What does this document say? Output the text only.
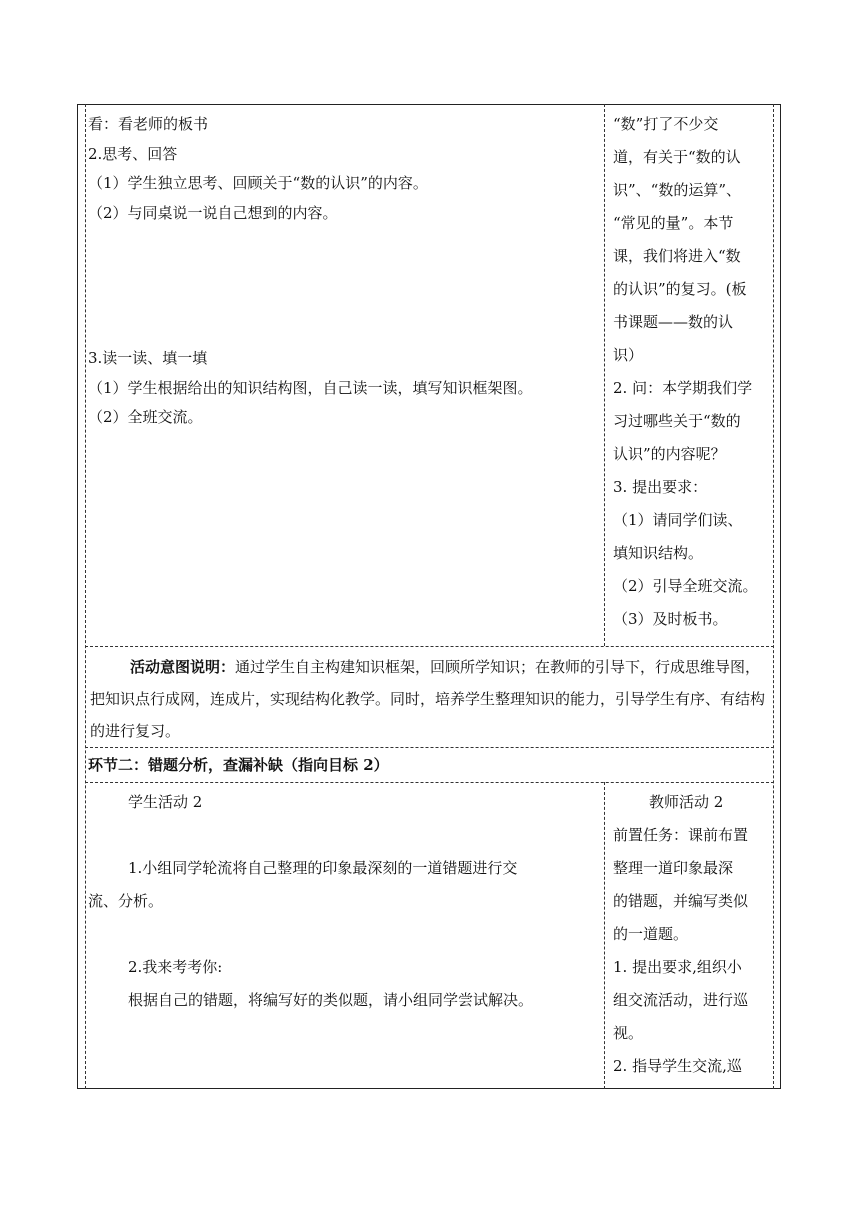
看：看老师的板书
2.思考、回答
（1）学生独立思考、回顾关于“数的认识”的内容。
（2）与同桌说一说自己想到的内容。
3.读一读、填一填
（1）学生根据给出的知识结构图，自己读一读，填写知识框架图。
（2）全班交流。
“数”打了不少交
道，有关于“数的认
识”、“数的运算”、
“常见的量”。本节
课，我们将进入“数
的认识”的复习。(板
书课题——数的认
识）
2. 问：本学期我们学
习过哪些关于“数的
认识”的内容呢？
3. 提出要求：
（1）请同学们读、
填知识结构。
（2）引导全班交流。
（3）及时板书。
活动意图说明：通过学生自主构建知识框架，回顾所学知识；在教师的引导下，行成思维导图，把知识点行成网，连成片，实现结构化教学。同时，培养学生整理知识的能力，引导学生有序、有结构的进行复习。
环节二：错题分析，查漏补缺（指向目标 2）
学生活动 2
1.小组同学轮流将自己整理的印象最深刻的一道错题进行交
流、分析。
2.我来考考你:
根据自己的错题，将编写好的类似题，请小组同学尝试解决。
教师活动 2
前置任务：课前布置
整理一道印象最深
的错题，并编写类似
的一道题。
1. 提出要求,组织小
组交流活动，进行巡
视。
2. 指导学生交流,巡
